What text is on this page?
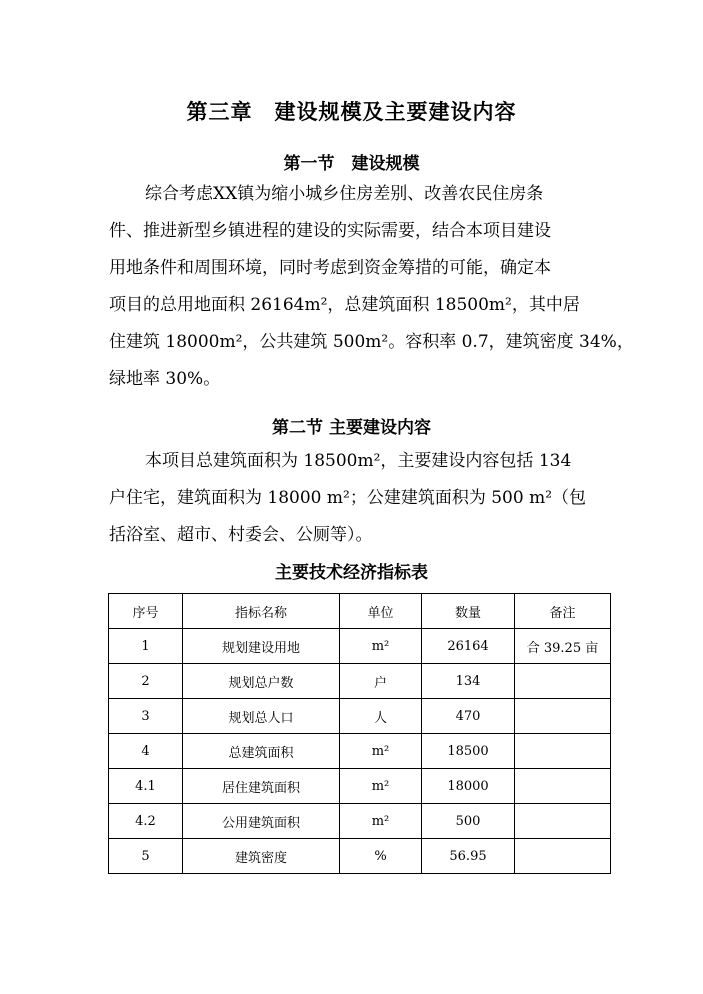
第三章　建设规模及主要建设内容
第一节　建设规模
综合考虑XX镇为缩小城乡住房差别、改善农民住房条
件、推进新型乡镇进程的建设的实际需要，结合本项目建设
用地条件和周围环境，同时考虑到资金筹措的可能，确定本
项目的总用地面积 26164m²，总建筑面积 18500m²，其中居
住建筑 18000m²，公共建筑 500m²。容积率 0.7，建筑密度 34%，
绿地率 30%。
第二节 主要建设内容
本项目总建筑面积为 18500m²，主要建设内容包括 134
户住宅，建筑面积为 18000 m²；公建建筑面积为 500 m²（包
括浴室、超市、村委会、公厕等）。
主要技术经济指标表
序号	指标名称	单位	数量	备注
1	规划建设用地	m²	26164	合 39.25 亩
2	规划总户数	户	134	
3	规划总人口	人	470	
4	总建筑面积	m²	18500	
4.1	居住建筑面积	m²	18000	
4.2	公用建筑面积	m²	500	
5	建筑密度	%	56.95	
